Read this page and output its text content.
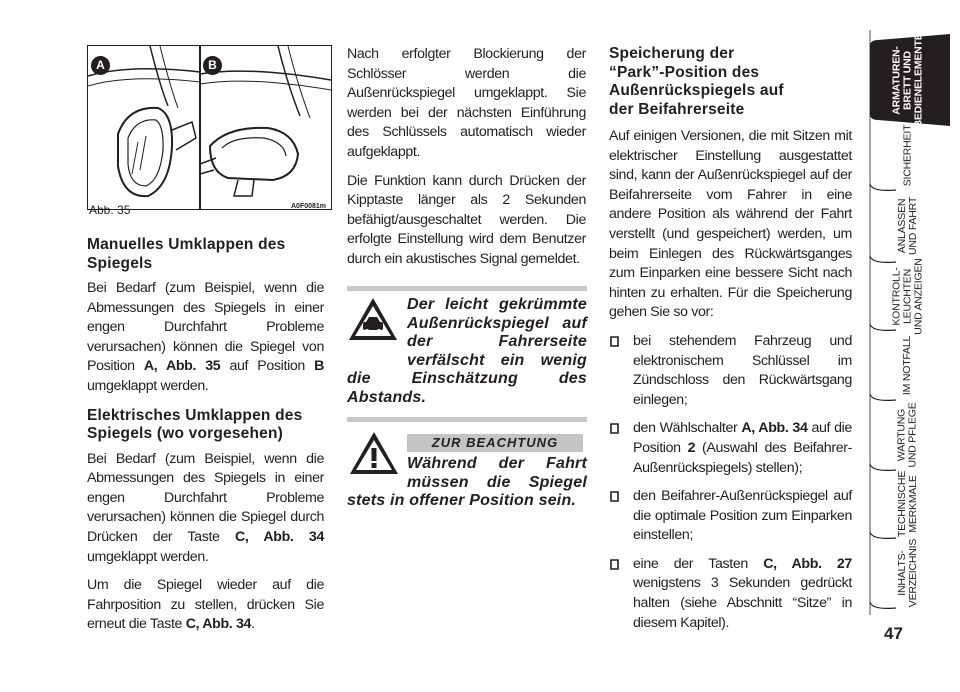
A	B
Abb. 35	A0F0081m
Manuelles Umklappen des Spiegels

Bei Bedarf (zum Beispiel, wenn die Abmessungen des Spiegels in einer engen Durchfahrt Probleme verursachen) können die Spiegel von Position A, Abb. 35 auf Position B umgeklappt werden.

Elektrisches Umklappen des Spiegels (wo vorgesehen)

Bei Bedarf (zum Beispiel, wenn die Abmessungen des Spiegels in einer engen Durchfahrt Probleme verursachen) können die Spiegel durch Drücken der Taste C, Abb. 34 umgeklappt werden.

Um die Spiegel wieder auf die Fahrposition zu stellen, drücken Sie erneut die Taste C, Abb. 34.

Nach erfolgter Blockierung der Schlösser werden die Außenrückspiegel umgeklappt. Sie werden bei der nächsten Einführung des Schlüssels automatisch wieder aufgeklappt.

Die Funktion kann durch Drücken der Kipptaste länger als 2 Sekunden befähigt/ausgeschaltet werden. Die erfolgte Einstellung wird dem Benutzer durch ein akustisches Signal gemeldet.

Der leicht gekrümmte Außenrückspiegel auf der Fahrerseite verfälscht ein wenig die Einschätzung des Abstands.
ZUR BEACHTUNG
Während der Fahrt müssen die Spiegel stets in offener Position sein.
Speicherung der “Park”-Position des Außenrückspiegels auf der Beifahrerseite

Auf einigen Versionen, die mit Sitzen mit elektrischer Einstellung ausgestattet sind, kann der Außenrückspiegel auf der Beifahrerseite vom Fahrer in eine andere Position als während der Fahrt verstellt (und gespeichert) werden, um beim Einlegen des Rückwärtsganges zum Einparken eine bessere Sicht nach hinten zu erhalten. Für die Speicherung gehen Sie so vor:

bei stehendem Fahrzeug und elektronischem Schlüssel im Zündschloss den Rückwärtsgang einlegen;

den Wählschalter A, Abb. 34 auf die Position 2 (Auswahl des Beifahrer-Außenrückspiegels) stellen);

den Beifahrer-Außenrückspiegel auf die optimale Position zum Einparken einstellen;

eine der Tasten C, Abb. 27 wenigstens 3 Sekunden gedrückt halten (siehe Abschnitt “Sitze” in diesem Kapitel).

ARMATUREN-
BRETT UND
BEDIENELEMENTE
SICHERHEIT
ANLASSEN
UND FAHRT
KONTROLL-
LEUCHTEN
UND ANZEIGEN
IM NOTFALL
WARTUNG
UND PFLEGE
TECHNISCHE
MERKMALE
INHALTS-
VERZEICHNIS
47
